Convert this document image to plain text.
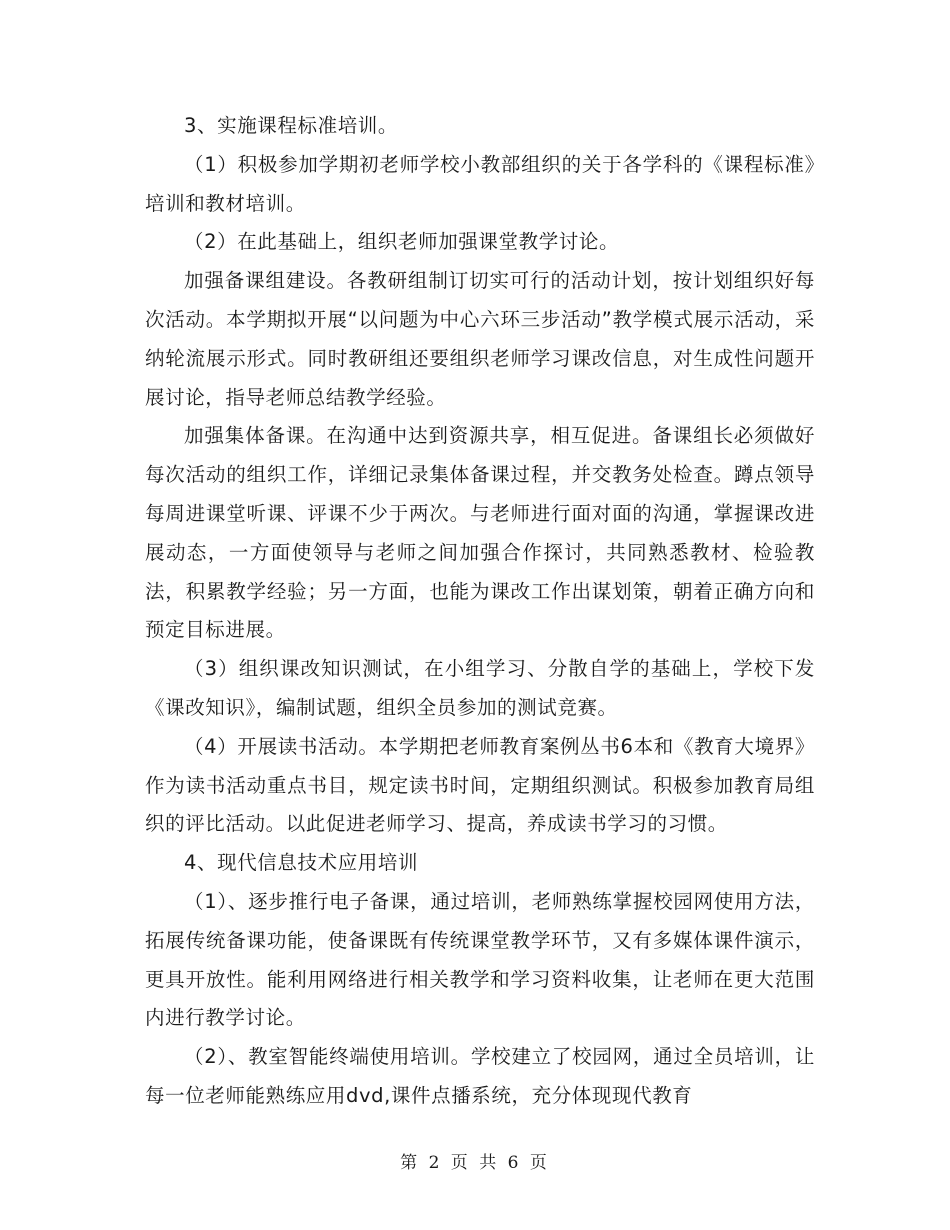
3、实施课程标准培训。

（1）积极参加学期初老师学校小教部组织的关于各学科的《课程标准》培训和教材培训。

（2）在此基础上，组织老师加强课堂教学讨论。

加强备课组建设。各教研组制订切实可行的活动计划，按计划组织好每次活动。本学期拟开展“以问题为中心六环三步活动”教学模式展示活动，采纳轮流展示形式。同时教研组还要组织老师学习课改信息，对生成性问题开展讨论，指导老师总结教学经验。

加强集体备课。在沟通中达到资源共享，相互促进。备课组长必须做好每次活动的组织工作，详细记录集体备课过程，并交教务处检查。蹲点领导每周进课堂听课、评课不少于两次。与老师进行面对面的沟通，掌握课改进展动态，一方面使领导与老师之间加强合作探讨，共同熟悉教材、检验教法，积累教学经验；另一方面，也能为课改工作出谋划策，朝着正确方向和预定目标进展。

（3）组织课改知识测试，在小组学习、分散自学的基础上，学校下发《课改知识》，编制试题，组织全员参加的测试竞赛。

（4）开展读书活动。本学期把老师教育案例丛书6本和《教育大境界》作为读书活动重点书目，规定读书时间，定期组织测试。积极参加教育局组织的评比活动。以此促进老师学习、提高，养成读书学习的习惯。

4、现代信息技术应用培训

（1）、逐步推行电子备课，通过培训，老师熟练掌握校园网使用方法，拓展传统备课功能，使备课既有传统课堂教学环节，又有多媒体课件演示，更具开放性。能利用网络进行相关教学和学习资料收集，让老师在更大范围内进行教学讨论。

（2）、教室智能终端使用培训。学校建立了校园网，通过全员培训，让每一位老师能熟练应用dvd,课件点播系统，充分体现现代教育

第 2 页 共 6 页
